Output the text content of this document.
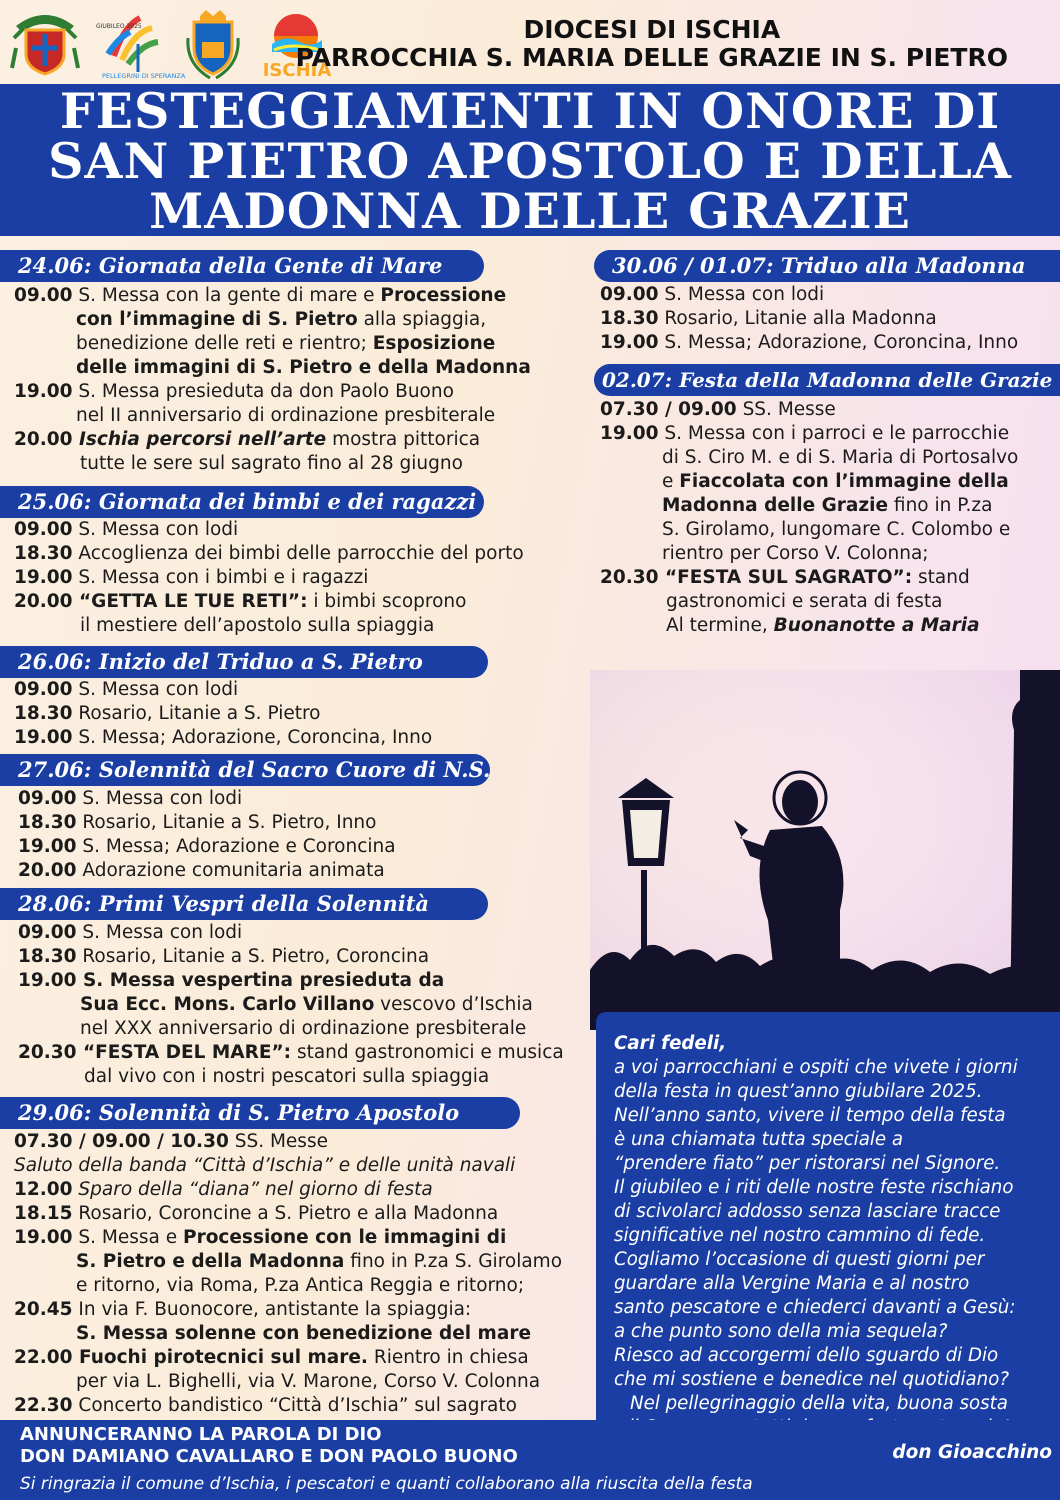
GIUBILEO 2025
PELLEGRINI DI SPERANZA	ISCHIA
DIOCESI DI ISCHIA
PARROCCHIA S. MARIA DELLE GRAZIE IN S. PIETRO
FESTEGGIAMENTI IN ONORE DI
SAN PIETRO APOSTOLO E DELLA
MADONNA DELLE GRAZIE
24.06: Giornata della Gente di Mare
09.00 S. Messa con la gente di mare e Processione
con l’immagine di S. Pietro alla spiaggia,
benedizione delle reti e rientro; Esposizione
delle immagini di S. Pietro e della Madonna
19.00 S. Messa presieduta da don Paolo Buono
nel II anniversario di ordinazione presbiterale
20.00 Ischia percorsi nell’arte mostra pittorica
tutte le sere sul sagrato fino al 28 giugno
25.06: Giornata dei bimbi e dei ragazzi
09.00 S. Messa con lodi
18.30 Accoglienza dei bimbi delle parrocchie del porto
19.00 S. Messa con i bimbi e i ragazzi
20.00 “GETTA LE TUE RETI”: i bimbi scoprono
il mestiere dell’apostolo sulla spiaggia
26.06: Inizio del Triduo a S. Pietro
09.00 S. Messa con lodi
18.30 Rosario, Litanie a S. Pietro
19.00 S. Messa; Adorazione, Coroncina, Inno
27.06: Solennità del Sacro Cuore di N.S.
09.00 S. Messa con lodi
18.30 Rosario, Litanie a S. Pietro, Inno
19.00 S. Messa; Adorazione e Coroncina
20.00 Adorazione comunitaria animata
28.06: Primi Vespri della Solennità
09.00 S. Messa con lodi
18.30 Rosario, Litanie a S. Pietro, Coroncina
19.00 S. Messa vespertina presieduta da
Sua Ecc. Mons. Carlo Villano vescovo d’Ischia
nel XXX anniversario di ordinazione presbiterale
20.30 “FESTA DEL MARE”: stand gastronomici e musica
dal vivo con i nostri pescatori sulla spiaggia
29.06: Solennità di S. Pietro Apostolo
07.30 / 09.00 / 10.30 SS. Messe
Saluto della banda “Città d’Ischia” e delle unità navali
12.00 Sparo della “diana” nel giorno di festa
18.15 Rosario, Coroncine a S. Pietro e alla Madonna
19.00 S. Messa e Processione con le immagini di
S. Pietro e della Madonna fino in P.za S. Girolamo
e ritorno, via Roma, P.za Antica Reggia e ritorno;
20.45 In via F. Buonocore, antistante la spiaggia:
S. Messa solenne con benedizione del mare
22.00 Fuochi pirotecnici sul mare. Rientro in chiesa
per via L. Bighelli, via V. Marone, Corso V. Colonna
22.30 Concerto bandistico “Città d’Ischia” sul sagrato
30.06 / 01.07: Triduo alla Madonna
09.00 S. Messa con lodi
18.30 Rosario, Litanie alla Madonna
19.00 S. Messa; Adorazione, Coroncina, Inno
02.07: Festa della Madonna delle Grazie
07.30 / 09.00 SS. Messe
19.00 S. Messa con i parroci e le parrocchie
di S. Ciro M. e di S. Maria di Portosalvo
e Fiaccolata con l’immagine della
Madonna delle Grazie fino in P.za
S. Girolamo, lungomare C. Colombo e
rientro per Corso V. Colonna;
20.30 “FESTA SUL SAGRATO”: stand
gastronomici e serata di festa
Al termine, Buonanotte a Maria
Cari fedeli,
a voi parrocchiani e ospiti che vivete i giorni
della festa in quest’anno giubilare 2025.
Nell’anno santo, vivere il tempo della festa
è una chiamata tutta speciale a
“prendere fiato” per ristorarsi nel Signore.
Il giubileo e i riti delle nostre feste rischiano
di scivolarci addosso senza lasciare tracce
significative nel nostro cammino di fede.
Cogliamo l’occasione di questi giorni per
guardare alla Vergine Maria e al nostro
santo pescatore e chiederci davanti a Gesù:
a che punto sono della mia sequela?
Riesco ad accorgermi dello sguardo di Dio
che mi sostiene e benedice nel quotidiano?
Nel pellegrinaggio della vita, buona sosta
don Gioacchino
ANNUNCERANNO LA PAROLA DI DIO
DON DAMIANO CAVALLARO E DON PAOLO BUONO
Si ringrazia il comune d’Ischia, i pescatori e quanti collaborano alla riuscita della festa
